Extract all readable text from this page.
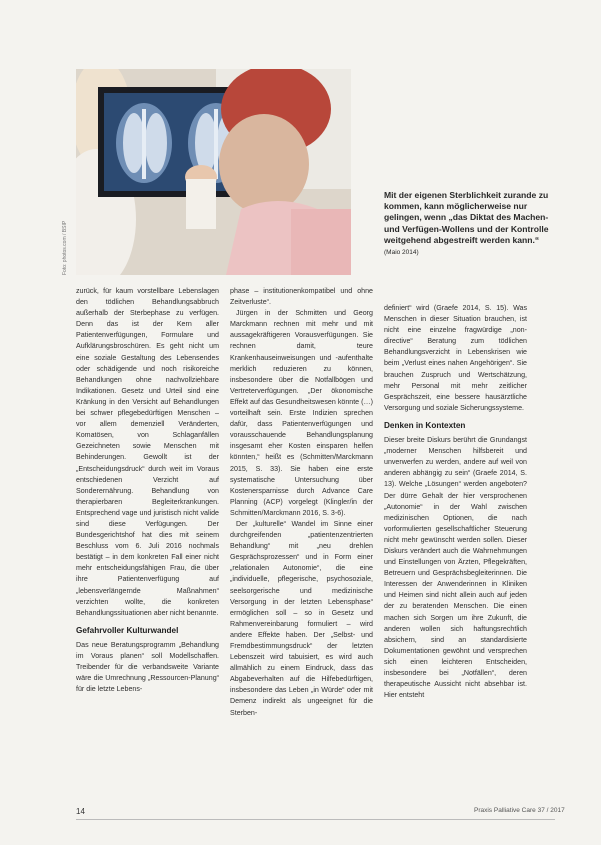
Foto: photos.com / BSIP
Mit der eigenen Sterblichkeit zurande zu kommen, kann möglicherweise nur gelingen, wenn „das Diktat des Machen- und Verfügen-Wollens und der Kontrolle weitgehend abgestreift werden kann.“ (Maio 2014)

zurück, für kaum vorstellbare Lebenslagen den tödlichen Behandlungsabbruch außerhalb der Sterbephase zu verfügen. Denn das ist der Kern aller Patientenverfügungen, Formulare und Aufklärungsbroschüren. Es geht nicht um eine soziale Gestaltung des Lebensendes oder schädigende und noch risikoreiche Behandlungen ohne nachvollziehbare Indikationen. Gesetz und Urteil sind eine Kränkung in den Versicht auf Behandlungen bei schwer pflegebedürftigen Menschen – vor allem demenziell Veränderten, Komatösen, von Schlaganfällen Gezeichneten sowie Menschen mit Behinderungen. Gewollt ist der „Entscheidungsdruck“ durch weit im Voraus entschiedenen Verzicht auf Sonderernährung. Behandlung von therapierbaren Begleiterkrankungen. Entsprechend vage und juristisch nicht valide sind diese Verfügungen. Der Bundesgerichtshof hat dies mit seinem Beschluss vom 6. Juli 2016 nochmals bestätigt – in dem konkreten Fall einer nicht mehr entscheidungsfähigen Frau, die über ihre Patientenverfügung auf „lebensverlängernde Maßnahmen“ verzichten wollte, die konkreten Behandlungssituationen aber nicht benannte.

Gefahrvoller Kulturwandel

Das neue Beratungsprogramm „Behandlung im Voraus planen“ soll Modellschaffen. Treibender für die verbandsweite Variante wäre die Umrechnung „Ressourcen-Planung“ für die letzte Lebens-

phase – institutionenkompatibel und ohne Zeitverluste“.

Jürgen in der Schmitten und Georg Marckmann rechnen mit mehr und mit aussagekräftigeren Vorausverfügungen. Sie rechnen damit, teure Krankenhauseinweisungen und -aufenthalte merklich reduzieren zu können, insbesondere über die Notfallbögen und Vertreterverfügungen. „Der ökonomische Effekt auf das Gesundheitswesen könnte (…) vorteilhaft sein. Erste Indizien sprechen dafür, dass Patientenverfügungen und vorausschauende Behandlungsplanung insgesamt eher Kosten einsparen helfen könnten,“ heißt es (Schmitten/Marckmann 2015, S. 33). Sie haben eine erste systematische Untersuchung über Kostenersparnisse durch Advance Care Planning (ACP) vorgelegt (Klingler/in der Schmitten/Marckmann 2016, S. 3-6).

Der „kulturelle“ Wandel im Sinne einer durchgreifenden „patientenzentrierten Behandlung“ mit „neu drehlen Gesprächsprozessen“ und in Form einer „relationalen Autonomie“, die eine „individuelle, pflegerische, psychosoziale, seelsorgerische und medizinische Versorgung in der letzten Lebensphase“ ermöglichen soll – so in Gesetz und Rahmenvereinbarung formuliert – wird andere Effekte haben. Der „Selbst- und Fremdbestimmungsdruck“ der letzten Lebenszeit wird tabuisiert, es wird auch allmählich zu einem Eindruck, dass das Abgabeverhalten auf die Hilfebedürftigen, insbesondere das Leben „in Würde“ oder mit Demenz indirekt als ungeeignet für die Sterben-

definiert“ wird (Graefe 2014, S. 15). Was Menschen in dieser Situation brauchen, ist nicht eine einzelne fragwürdige „non-directive“ Beratung zum tödlichen Behandlungsverzicht in Lebenskrisen wie beim „Verlust eines nahen Angehörigen“. Sie brauchen Zuspruch und Wertschätzung, mehr Personal mit mehr zeitlicher Gesprächszeit, eine bessere hausärztliche Versorgung und soziale Sicherungssysteme.

Denken in Kontexten

Dieser breite Diskurs berührt die Grundangst „moderner Menschen hilfsbereit und unverwerfen zu werden, andere auf weil von anderen abhängig zu sein“ (Graefe 2014, S. 13). Welche „Lösungen“ werden angeboten? Der dürre Gehalt der hier versprochenen „Autonomie“ in der Wahl zwischen medizinischen Optionen, die nach vorformulierten gesellschaftlicher Steuerung nicht mehr gewünscht werden sollen. Dieser Diskurs verändert auch die Wahrnehmungen und Einstellungen von Ärzten, Pflegekräften, Betreuern und Gesprächsbegleiterinnen. Die Interessen der Anwenderinnen in Kliniken und Heimen sind nicht allein auch auf jeden der zu beratenden Menschen. Die einen machen sich Sorgen um ihre Zukunft, die anderen wollen sich haftungsrechtlich absichern, sind an standardisierte Dokumentationen gewöhnt und versprechen sich einen leichteren Entscheiden, insbesondere bei „Notfällen“, deren therapeutische Aussicht nicht absehbar ist. Hier entsteht

14	Praxis Palliative Care 37 / 2017
